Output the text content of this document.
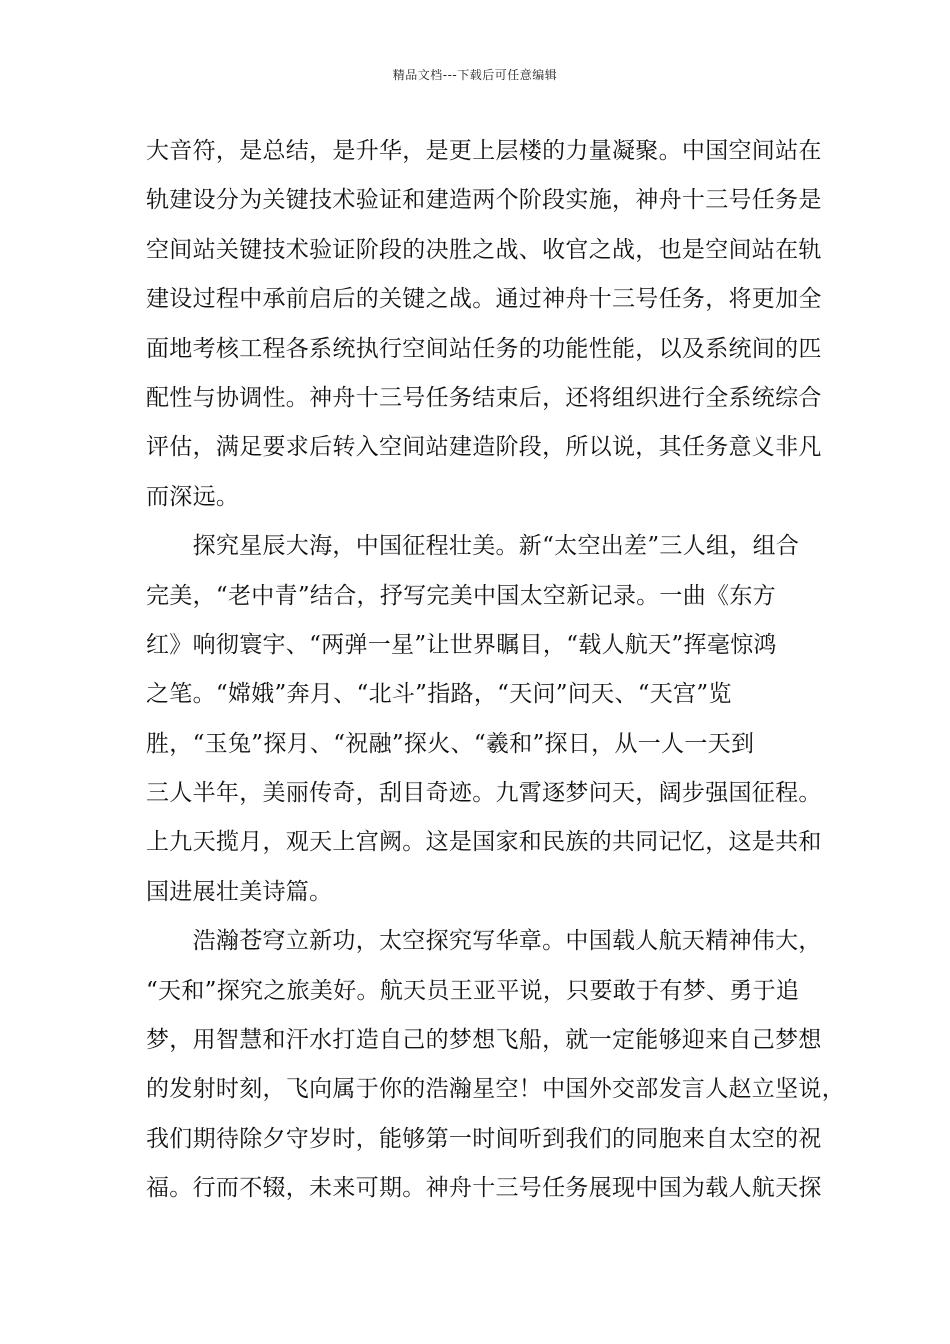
精品文档---下载后可任意编辑
大音符，是总结，是升华，是更上层楼的力量凝聚。中国空间站在
轨建设分为关键技术验证和建造两个阶段实施，神舟十三号任务是
空间站关键技术验证阶段的决胜之战、收官之战，也是空间站在轨
建设过程中承前启后的关键之战。通过神舟十三号任务，将更加全
面地考核工程各系统执行空间站任务的功能性能，以及系统间的匹
配性与协调性。神舟十三号任务结束后，还将组织进行全系统综合
评估，满足要求后转入空间站建造阶段，所以说，其任务意义非凡
而深远。
　　探究星辰大海，中国征程壮美。新“太空出差”三人组，组合
完美，“老中青”结合，抒写完美中国太空新记录。一曲《东方
红》响彻寰宇、“两弹一星”让世界瞩目，“载人航天”挥毫惊鸿
之笔。“嫦娥”奔月、“北斗”指路，“天问”问天、“天宫”览
胜，“玉兔”探月、“祝融”探火、“羲和”探日，从一人一天到
三人半年，美丽传奇，刮目奇迹。九霄逐梦问天，阔步强国征程。
上九天揽月，观天上宫阙。这是国家和民族的共同记忆，这是共和
国进展壮美诗篇。
　　浩瀚苍穹立新功，太空探究写华章。中国载人航天精神伟大，
“天和”探究之旅美好。航天员王亚平说，只要敢于有梦、勇于追
梦，用智慧和汗水打造自己的梦想飞船，就一定能够迎来自己梦想
的发射时刻，飞向属于你的浩瀚星空！中国外交部发言人赵立坚说，
我们期待除夕守岁时，能够第一时间听到我们的同胞来自太空的祝
福。行而不辍，未来可期。神舟十三号任务展现中国为载人航天探
